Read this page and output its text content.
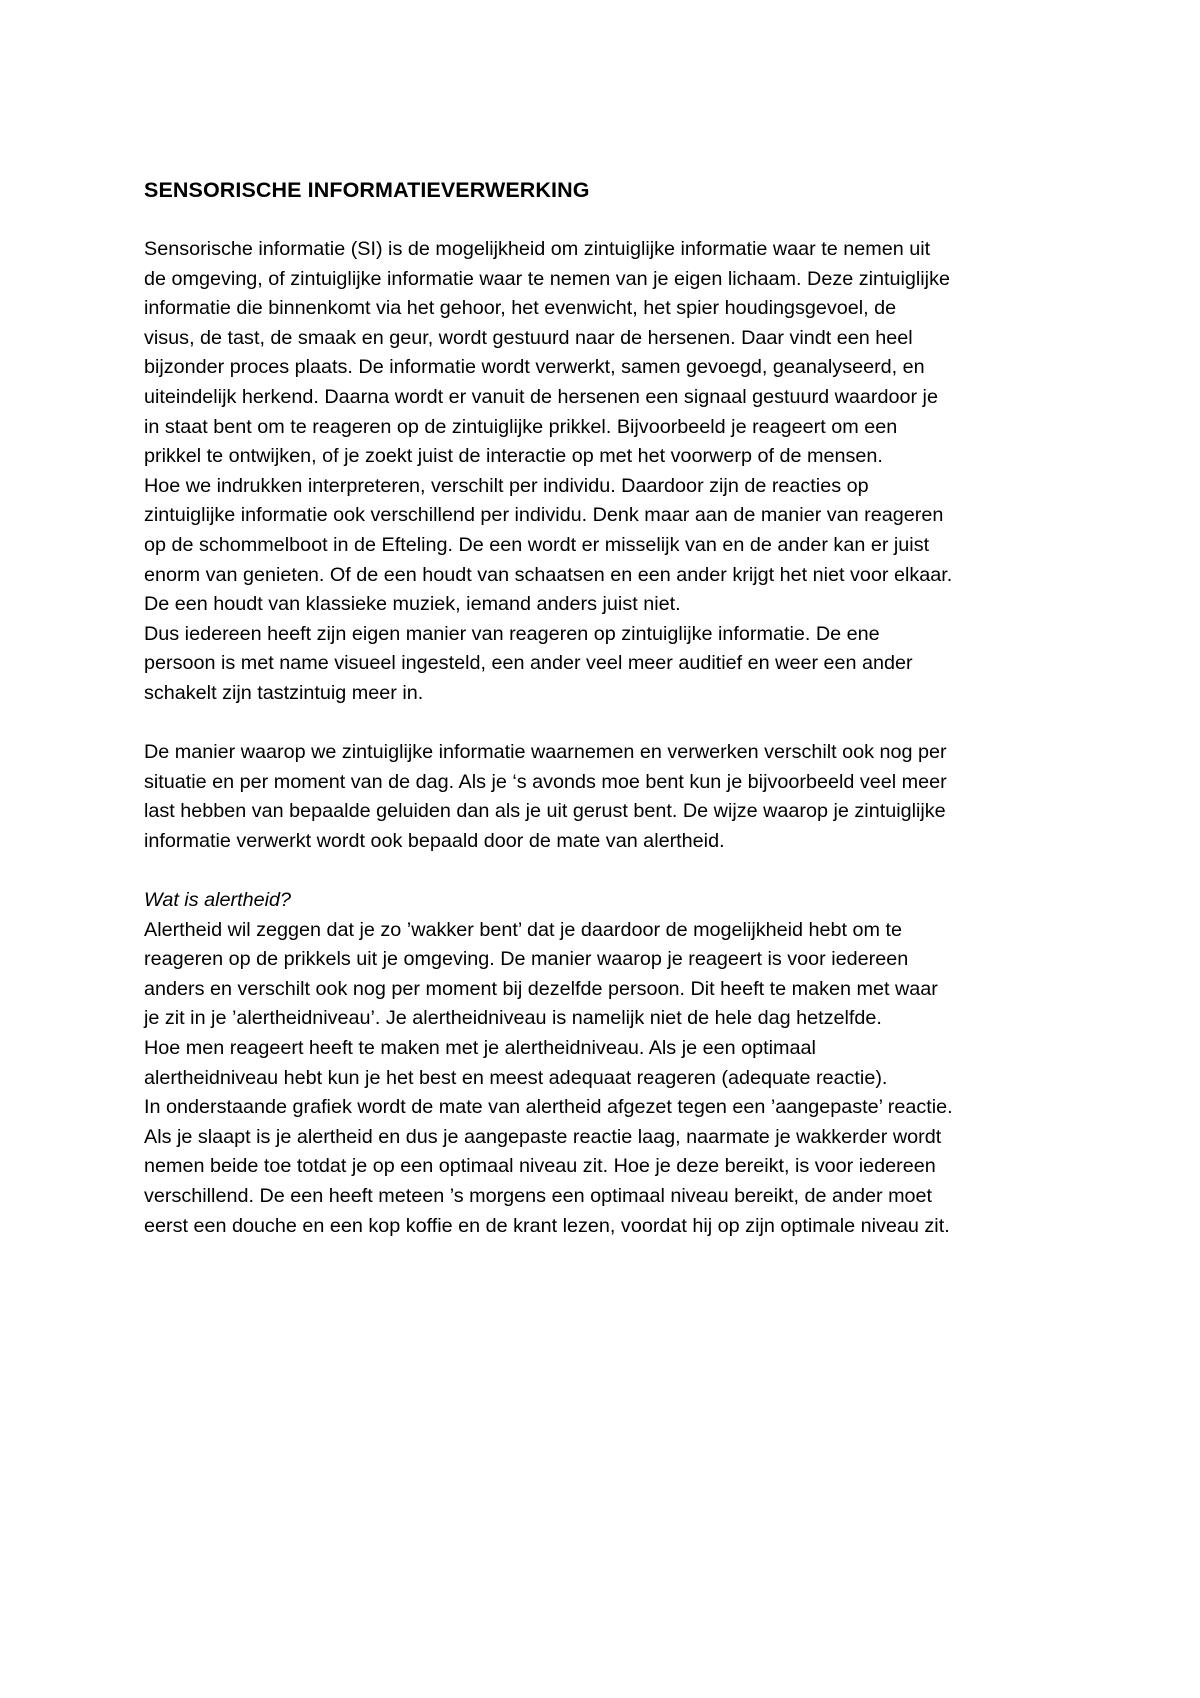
SENSORISCHE INFORMATIEVERWERKING

Sensorische informatie (SI) is de mogelijkheid om zintuiglijke informatie waar te nemen uit
de omgeving, of zintuiglijke informatie waar te nemen van je eigen lichaam. Deze zintuiglijke
informatie die binnenkomt via het gehoor, het evenwicht, het spier houdingsgevoel, de
visus, de tast, de smaak en geur, wordt gestuurd naar de hersenen. Daar vindt een heel
bijzonder proces plaats. De informatie wordt verwerkt, samen gevoegd, geanalyseerd, en
uiteindelijk herkend. Daarna wordt er vanuit de hersenen een signaal gestuurd waardoor je
in staat bent om te reageren op de zintuiglijke prikkel. Bijvoorbeeld je reageert om een
prikkel te ontwijken, of je zoekt juist de interactie op met het voorwerp of de mensen.
Hoe we indrukken interpreteren, verschilt per individu. Daardoor zijn de reacties op
zintuiglijke informatie ook verschillend per individu. Denk maar aan de manier van reageren
op de schommelboot in de Efteling. De een wordt er misselijk van en de ander kan er juist
enorm van genieten. Of de een houdt van schaatsen en een ander krijgt het niet voor elkaar.
De een houdt van klassieke muziek, iemand anders juist niet.
Dus iedereen heeft zijn eigen manier van reageren op zintuiglijke informatie. De ene
persoon is met name visueel ingesteld, een ander veel meer auditief en weer een ander
schakelt zijn tastzintuig meer in.

De manier waarop we zintuiglijke informatie waarnemen en verwerken verschilt ook nog per
situatie en per moment van de dag. Als je ‘s avonds moe bent kun je bijvoorbeeld veel meer
last hebben van bepaalde geluiden dan als je uit gerust bent. De wijze waarop je zintuiglijke
informatie verwerkt wordt ook bepaald door de mate van alertheid.

Wat is alertheid?
Alertheid wil zeggen dat je zo ’wakker bent’ dat je daardoor de mogelijkheid hebt om te
reageren op de prikkels uit je omgeving. De manier waarop je reageert is voor iedereen
anders en verschilt ook nog per moment bij dezelfde persoon. Dit heeft te maken met waar
je zit in je ’alertheidniveau’. Je alertheidniveau is namelijk niet de hele dag hetzelfde.
Hoe men reageert heeft te maken met je alertheidniveau. Als je een optimaal
alertheidniveau hebt kun je het best en meest adequaat reageren (adequate reactie).
In onderstaande grafiek wordt de mate van alertheid afgezet tegen een ’aangepaste’ reactie.
Als je slaapt is je alertheid en dus je aangepaste reactie laag, naarmate je wakkerder wordt
nemen beide toe totdat je op een optimaal niveau zit. Hoe je deze bereikt, is voor iedereen
verschillend. De een heeft meteen ’s morgens een optimaal niveau bereikt, de ander moet
eerst een douche en een kop koffie en de krant lezen, voordat hij op zijn optimale niveau zit.
